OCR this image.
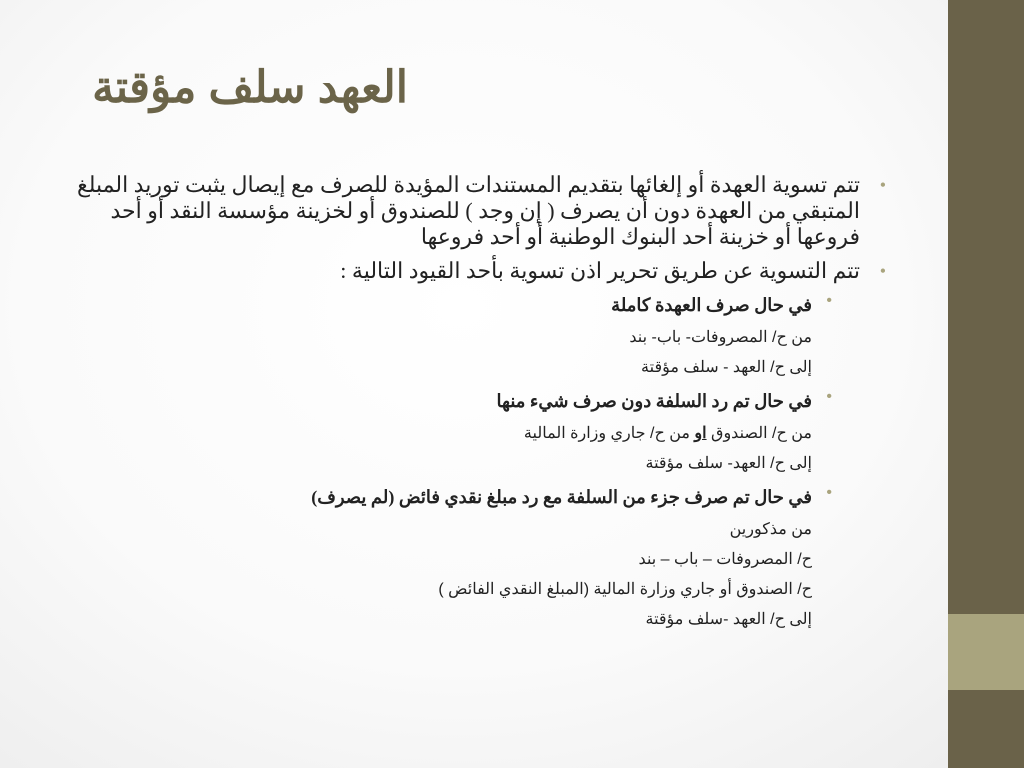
العهد سلف مؤقتة
•
تتم تسوية العهدة أو إلغائها بتقديم المستندات المؤيدة للصرف مع إيصال يثبت توريد المبلغ المتبقي من العهدة دون أن يصرف ( إن وجد ) للصندوق أو لخزينة مؤسسة النقد أو أحد فروعها أو خزينة أحد البنوك الوطنية أو أحد فروعها
•
تتم التسوية عن طريق تحرير اذن تسوية بأحد القيود التالية :
•
في حال صرف العهدة كاملة
من ح/ المصروفات- باب- بند
إلى ح/ العهد - سلف مؤقتة
•
في حال تم رد السلفة دون صرف شيء منها
من ح/ الصندوق او من ح/ جاري وزارة المالية
إلى ح/ العهد- سلف مؤقتة
•
في حال تم صرف جزء من السلفة مع رد مبلغ نقدي فائض (لم يصرف)
من مذكورين
ح/ المصروفات – باب – بند
ح/ الصندوق أو جاري وزارة المالية (المبلغ النقدي الفائض )
إلى ح/ العهد -سلف مؤقتة
